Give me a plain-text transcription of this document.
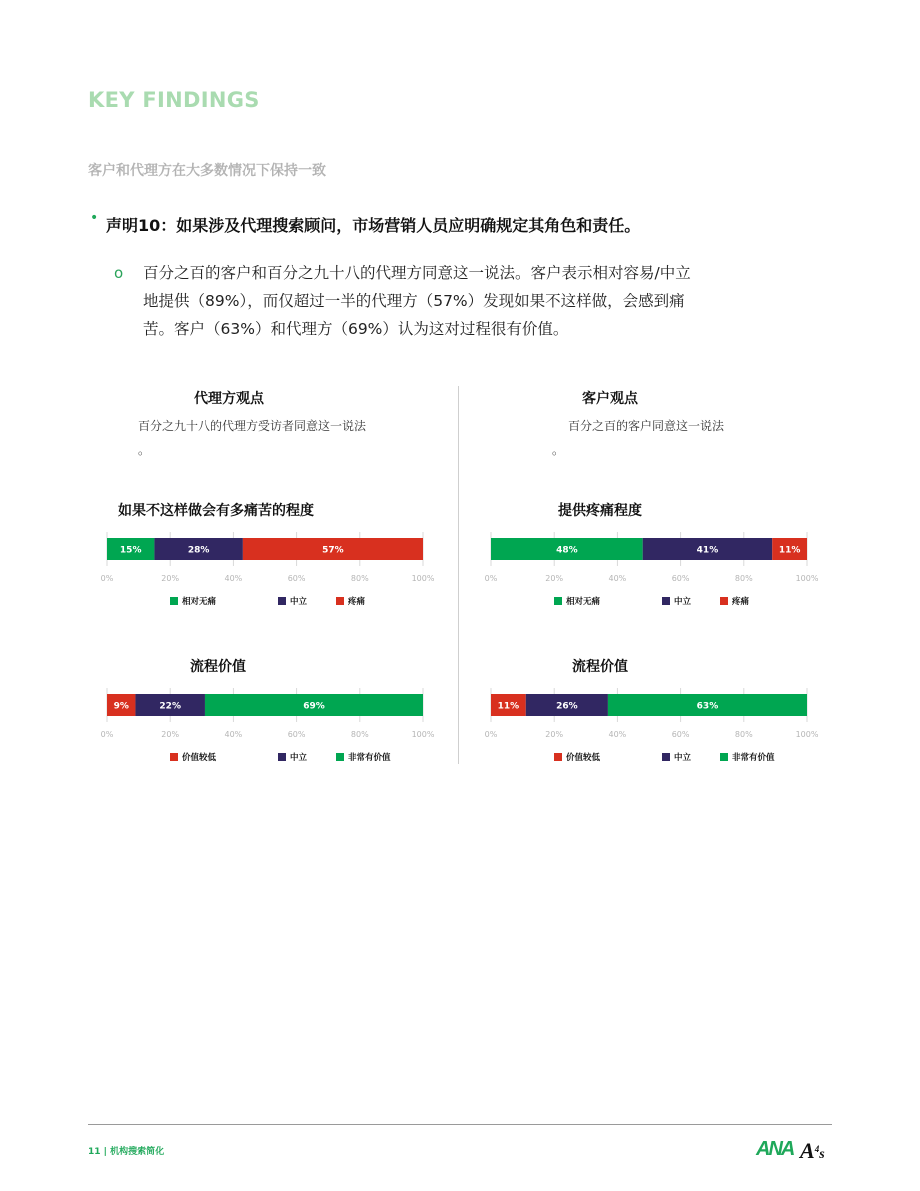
KEY FINDINGS
客户和代理方在大多数情况下保持一致
• 声明10：如果涉及代理搜索顾问，市场营销人员应明确规定其角色和责任。
o 百分之百的客户和百分之九十八的代理方同意这一说法。客户表示相对容易/中立
地提供（89%），而仅超过一半的代理方（57%）发现如果不这样做，会感到痛
苦。客户（63%）和代理方（69%）认为这对过程很有价值。
代理方观点
百分之九十八的代理方受访者同意这一说法
。
客户观点
百分之百的客户同意这一说法
。
如果不这样做会有多痛苦的程度	提供疼痛程度
流程价值	流程价值
0%	20%	40%	60%	80%	100%
15%	28%	57%
相对无痛	中立	疼痛
0%	20%	40%	60%	80%	100%
48%	41%	11%
相对无痛	中立	疼痛
0%	20%	40%	60%	80%	100%
9%	22%	69%
价值较低	中立	非常有价值
0%	20%	40%	60%	80%	100%
11%	26%	63%
价值较低	中立	非常有价值
11 | 机构搜索简化	ANA $A^4s$
